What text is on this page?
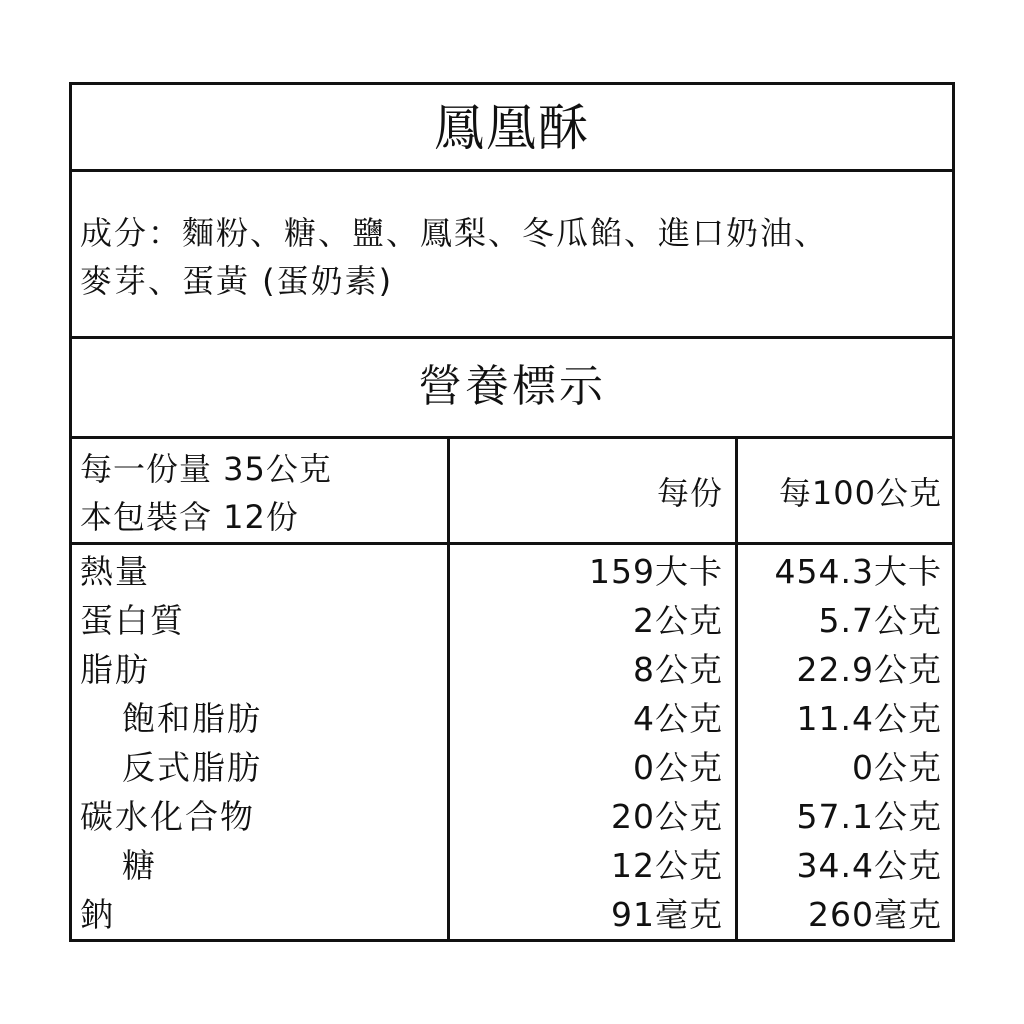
鳳凰酥
成分：麵粉、糖、鹽、鳳梨、冬瓜餡、進口奶油、
麥芽、蛋黃 (蛋奶素)
營養標示
每一份量 35公克
本包裝含 12份
每份 每100公克
熱量	159大卡 454.3大卡
蛋白質	2公克	5.7公克
脂肪	8公克 22.9公克
飽和脂肪	4公克 11.4公克
反式脂肪	0公克	0公克
碳水化合物	20公克 57.1公克
糖	12公克 34.4公克
鈉	91毫克	260毫克
